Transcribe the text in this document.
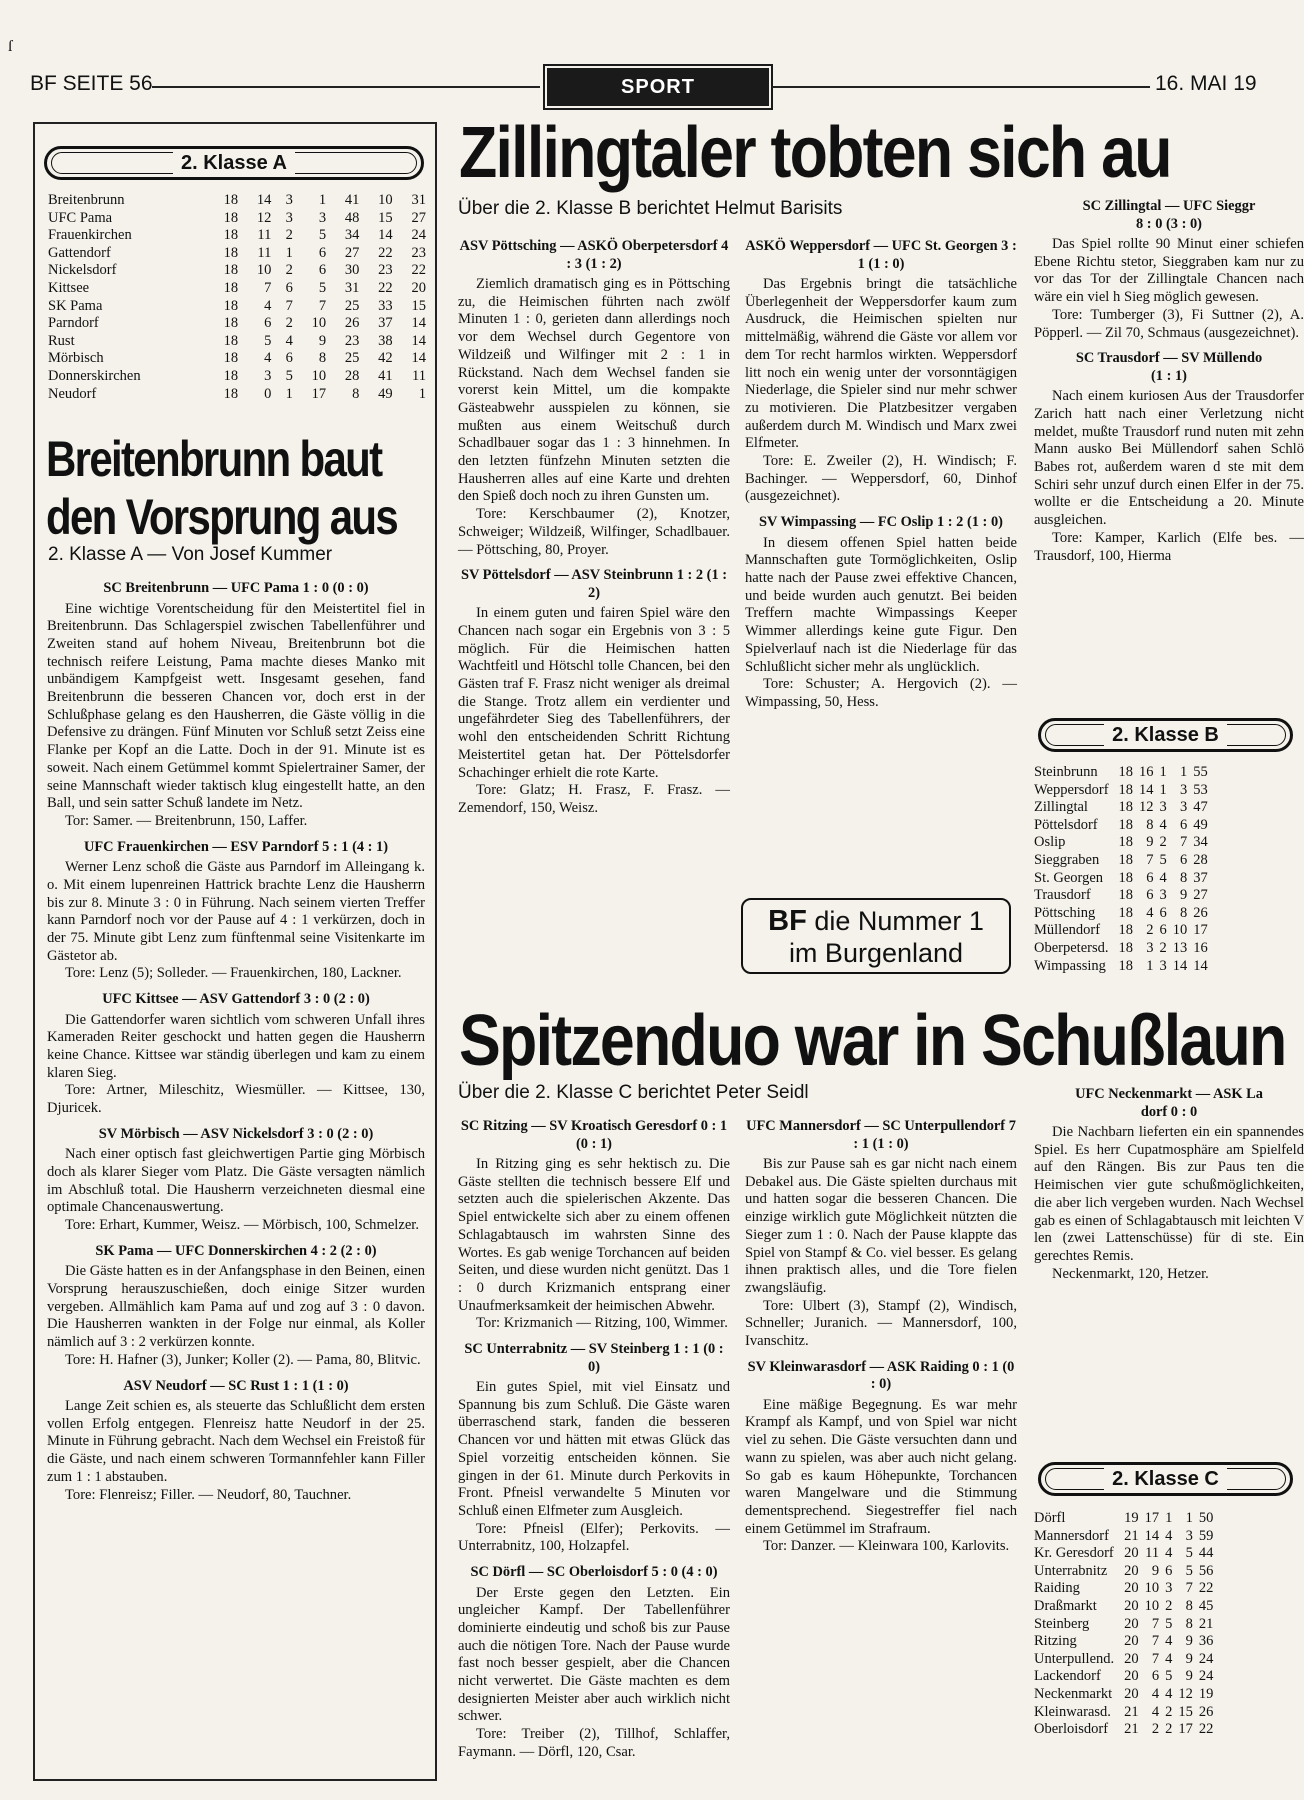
ſ
BF SEITE 56	SPORT	16. MAI 19
2. Klasse A
Breitenbrunn	18	14	3	1	41	10	31
UFC Pama	18	12	3	3	48	15	27
Frauenkirchen	18	11	2	5	34	14	24
Gattendorf	18	11	1	6	27	22	23
Nickelsdorf	18	10	2	6	30	23	22
Kittsee	18	7	6	5	31	22	20
SK Pama	18	4	7	7	25	33	15
Parndorf	18	6	2	10	26	37	14
Rust	18	5	4	9	23	38	14
Mörbisch	18	4	6	8	25	42	14
Donnerskirchen	18	3	5	10	28	41	11
Neudorf	18	0	1	17	8	49	1
Breitenbrunn baut
den Vorsprung aus
2. Klasse A — Von Josef Kummer
SC Breitenbrunn — UFC Pama 1 : 0 (0 : 0)

Eine wichtige Vorentscheidung für den Meistertitel fiel in Breitenbrunn. Das Schlagerspiel zwischen Tabellenführer und Zweiten stand auf hohem Niveau, Breitenbrunn bot die technisch reifere Leistung, Pama machte dieses Manko mit unbändigem Kampfgeist wett. Insgesamt gesehen, fand Breitenbrunn die besseren Chancen vor, doch erst in der Schlußphase gelang es den Hausherren, die Gäste völlig in die Defensive zu drängen. Fünf Minuten vor Schluß setzt Zeiss eine Flanke per Kopf an die Latte. Doch in der 91. Minute ist es soweit. Nach einem Getümmel kommt Spielertrainer Samer, der seine Mannschaft wieder taktisch klug eingestellt hatte, an den Ball, und sein satter Schuß landete im Netz.

Tor: Samer. — Breitenbrunn, 150, Laffer.

UFC Frauenkirchen — ESV Parndorf 5 : 1 (4 : 1)

Werner Lenz schoß die Gäste aus Parndorf im Alleingang k. o. Mit einem lupenreinen Hattrick brachte Lenz die Hausherrn bis zur 8. Minute 3 : 0 in Führung. Nach seinem vierten Treffer kann Parndorf noch vor der Pause auf 4 : 1 verkürzen, doch in der 75. Minute gibt Lenz zum fünftenmal seine Visitenkarte im Gästetor ab.

Tore: Lenz (5); Solleder. — Frauenkirchen, 180, Lackner.

UFC Kittsee — ASV Gattendorf 3 : 0 (2 : 0)

Die Gattendorfer waren sichtlich vom schweren Unfall ihres Kameraden Reiter geschockt und hatten gegen die Hausherrn keine Chance. Kittsee war ständig überlegen und kam zu einem klaren Sieg.

Tore: Artner, Mileschitz, Wiesmüller. — Kittsee, 130, Djuricek.

SV Mörbisch — ASV Nickelsdorf 3 : 0 (2 : 0)

Nach einer optisch fast gleichwertigen Partie ging Mörbisch doch als klarer Sieger vom Platz. Die Gäste versagten nämlich im Abschluß total. Die Hausherrn verzeichneten diesmal eine optimale Chancenauswertung.

Tore: Erhart, Kummer, Weisz. — Mörbisch, 100, Schmelzer.

SK Pama — UFC Donnerskirchen 4 : 2 (2 : 0)

Die Gäste hatten es in der Anfangsphase in den Beinen, einen Vorsprung herauszuschießen, doch einige Sitzer wurden vergeben. Allmählich kam Pama auf und zog auf 3 : 0 davon. Die Hausherren wankten in der Folge nur einmal, als Koller nämlich auf 3 : 2 verkürzen konnte.

Tore: H. Hafner (3), Junker; Koller (2). — Pama, 80, Blitvic.

ASV Neudorf — SC Rust 1 : 1 (1 : 0)

Lange Zeit schien es, als steuerte das Schlußlicht dem ersten vollen Erfolg entgegen. Flenreisz hatte Neudorf in der 25. Minute in Führung gebracht. Nach dem Wechsel ein Freistoß für die Gäste, und nach einem schweren Tormannfehler kann Filler zum 1 : 1 abstauben.

Tore: Flenreisz; Filler. — Neudorf, 80, Tauchner.

Zillingtaler tobten sich au
Über die 2. Klasse B berichtet Helmut Barisits
ASV Pöttsching — ASKÖ Oberpetersdorf 4 : 3 (1 : 2)

Ziemlich dramatisch ging es in Pöttsching zu, die Heimischen führten nach zwölf Minuten 1 : 0, gerieten dann allerdings noch vor dem Wechsel durch Gegentore von Wildzeiß und Wilfinger mit 2 : 1 in Rückstand. Nach dem Wechsel fanden sie vorerst kein Mittel, um die kompakte Gästeabwehr ausspielen zu können, sie mußten aus einem Weitschuß durch Schadlbauer sogar das 1 : 3 hinnehmen. In den letzten fünfzehn Minuten setzten die Hausherren alles auf eine Karte und drehten den Spieß doch noch zu ihren Gunsten um.

Tore: Kerschbaumer (2), Knotzer, Schweiger; Wildzeiß, Wilfinger, Schadlbauer. — Pöttsching, 80, Proyer.

SV Pöttelsdorf — ASV Steinbrunn 1 : 2 (1 : 2)

In einem guten und fairen Spiel wäre den Chancen nach sogar ein Ergebnis von 3 : 5 möglich. Für die Heimischen hatten Wachtfeitl und Hötschl tolle Chancen, bei den Gästen traf F. Frasz nicht weniger als dreimal die Stange. Trotz allem ein verdienter und ungefährdeter Sieg des Tabellenführers, der wohl den entscheidenden Schritt Richtung Meistertitel getan hat. Der Pöttelsdorfer Schachinger erhielt die rote Karte.

Tore: Glatz; H. Frasz, F. Frasz. — Zemendorf, 150, Weisz.

ASKÖ Weppersdorf — UFC St. Georgen 3 : 1 (1 : 0)

Das Ergebnis bringt die tatsächliche Überlegenheit der Weppersdorfer kaum zum Ausdruck, die Heimischen spielten nur mittelmäßig, während die Gäste vor allem vor dem Tor recht harmlos wirkten. Weppersdorf litt noch ein wenig unter der vorsonntägigen Niederlage, die Spieler sind nur mehr schwer zu motivieren. Die Platzbesitzer vergaben außerdem durch M. Windisch und Marx zwei Elfmeter.

Tore: E. Zweiler (2), H. Windisch; F. Bachinger. — Weppersdorf, 60, Dinhof (ausgezeichnet).

SV Wimpassing — FC Oslip 1 : 2 (1 : 0)

In diesem offenen Spiel hatten beide Mannschaften gute Tormöglichkeiten, Oslip hatte nach der Pause zwei effektive Chancen, und beide wurden auch genutzt. Bei beiden Treffern machte Wimpassings Keeper Wimmer allerdings keine gute Figur. Den Spielverlauf nach ist die Niederlage für das Schlußlicht sicher mehr als unglücklich.

Tore: Schuster; A. Hergovich (2). — Wimpassing, 50, Hess.

BF die Nummer 1
im Burgenland
SC Zillingtal — UFC Sieggr
8 : 0 (3 : 0)

Das Spiel rollte 90 Minut einer schiefen Ebene Richtu stetor, Sieggraben kam nur zu vor das Tor der Zillingtale Chancen nach wäre ein viel h Sieg möglich gewesen.

Tore: Tumberger (3), Fi Suttner (2), A. Pöpperl. — Zil 70, Schmaus (ausgezeichnet).

SC Trausdorf — SV Müllendo
(1 : 1)

Nach einem kuriosen Aus der Trausdorfer Zarich hatt nach einer Verletzung nicht meldet, mußte Trausdorf rund nuten mit zehn Mann ausko Bei Müllendorf sahen Schlö Babes rot, außerdem waren d ste mit dem Schiri sehr unzuf durch einen Elfer in der 75. wollte er die Entscheidung a 20. Minute ausgleichen.

Tore: Kamper, Karlich (Elfe bes. — Trausdorf, 100, Hierma

2. Klasse B
Steinbrunn	18	16	1	1	55
Weppersdorf	18	14	1	3	53
Zillingtal	18	12	3	3	47
Pöttelsdorf	18	8	4	6	49
Oslip	18	9	2	7	34
Sieggraben	18	7	5	6	28
St. Georgen	18	6	4	8	37
Trausdorf	18	6	3	9	27
Pöttsching	18	4	6	8	26
Müllendorf	18	2	6	10	17
Oberpetersd.	18	3	2	13	16
Wimpassing	18	1	3	14	14
Spitzenduo war in Schußlaun
Über die 2. Klasse C berichtet Peter Seidl
SC Ritzing — SV Kroatisch Geresdorf 0 : 1 (0 : 1)

In Ritzing ging es sehr hektisch zu. Die Gäste stellten die technisch bessere Elf und setzten auch die spielerischen Akzente. Das Spiel entwickelte sich aber zu einem offenen Schlagabtausch im wahrsten Sinne des Wortes. Es gab wenige Torchancen auf beiden Seiten, und diese wurden nicht genützt. Das 1 : 0 durch Krizmanich entsprang einer Unaufmerksamkeit der heimischen Abwehr.

Tor: Krizmanich — Ritzing, 100, Wimmer.

SC Unterrabnitz — SV Steinberg 1 : 1 (0 : 0)

Ein gutes Spiel, mit viel Einsatz und Spannung bis zum Schluß. Die Gäste waren überraschend stark, fanden die besseren Chancen vor und hätten mit etwas Glück das Spiel vorzeitig entscheiden können. Sie gingen in der 61. Minute durch Perkovits in Front. Pfneisl verwandelte 5 Minuten vor Schluß einen Elfmeter zum Ausgleich.

Tore: Pfneisl (Elfer); Perkovits. — Unterrabnitz, 100, Holzapfel.

SC Dörfl — SC Oberloisdorf 5 : 0 (4 : 0)

Der Erste gegen den Letzten. Ein ungleicher Kampf. Der Tabellenführer dominierte eindeutig und schoß bis zur Pause auch die nötigen Tore. Nach der Pause wurde fast noch besser gespielt, aber die Chancen nicht verwertet. Die Gäste machten es dem designierten Meister aber auch wirklich nicht schwer.

Tore: Treiber (2), Tillhof, Schlaffer, Faymann. — Dörfl, 120, Csar.

UFC Mannersdorf — SC Unterpullendorf 7 : 1 (1 : 0)

Bis zur Pause sah es gar nicht nach einem Debakel aus. Die Gäste spielten durchaus mit und hatten sogar die besseren Chancen. Die einzige wirklich gute Möglichkeit nützten die Sieger zum 1 : 0. Nach der Pause klappte das Spiel von Stampf & Co. viel besser. Es gelang ihnen praktisch alles, und die Tore fielen zwangsläufig.

Tore: Ulbert (3), Stampf (2), Windisch, Schneller; Juranich. — Mannersdorf, 100, Ivanschitz.

SV Kleinwarasdorf — ASK Raiding 0 : 1 (0 : 0)

Eine mäßige Begegnung. Es war mehr Krampf als Kampf, und von Spiel war nicht viel zu sehen. Die Gäste versuchten dann und wann zu spielen, was aber auch nicht gelang. So gab es kaum Höhepunkte, Torchancen waren Mangelware und die Stimmung dementsprechend. Siegestreffer fiel nach einem Getümmel im Strafraum.

Tor: Danzer. — Kleinwara 100, Karlovits.

UFC Neckenmarkt — ASK La
dorf 0 : 0

Die Nachbarn lieferten ein ein spannendes Spiel. Es herr Cupatmosphäre am Spielfeld auf den Rängen. Bis zur Paus ten die Heimischen vier gute schußmöglichkeiten, die aber lich vergeben wurden. Nach Wechsel gab es einen of Schlagabtausch mit leichten V len (zwei Lattenschüsse) für di ste. Ein gerechtes Remis.

Neckenmarkt, 120, Hetzer.

2. Klasse C
Dörfl	19	17	1	1	50
Mannersdorf	21	14	4	3	59
Kr. Geresdorf	20	11	4	5	44
Unterrabnitz	20	9	6	5	56
Raiding	20	10	3	7	22
Draßmarkt	20	10	2	8	45
Steinberg	20	7	5	8	21
Ritzing	20	7	4	9	36
Unterpullend.	20	7	4	9	24
Lackendorf	20	6	5	9	24
Neckenmarkt	20	4	4	12	19
Kleinwarasd.	21	4	2	15	26
Oberloisdorf	21	2	2	17	22
